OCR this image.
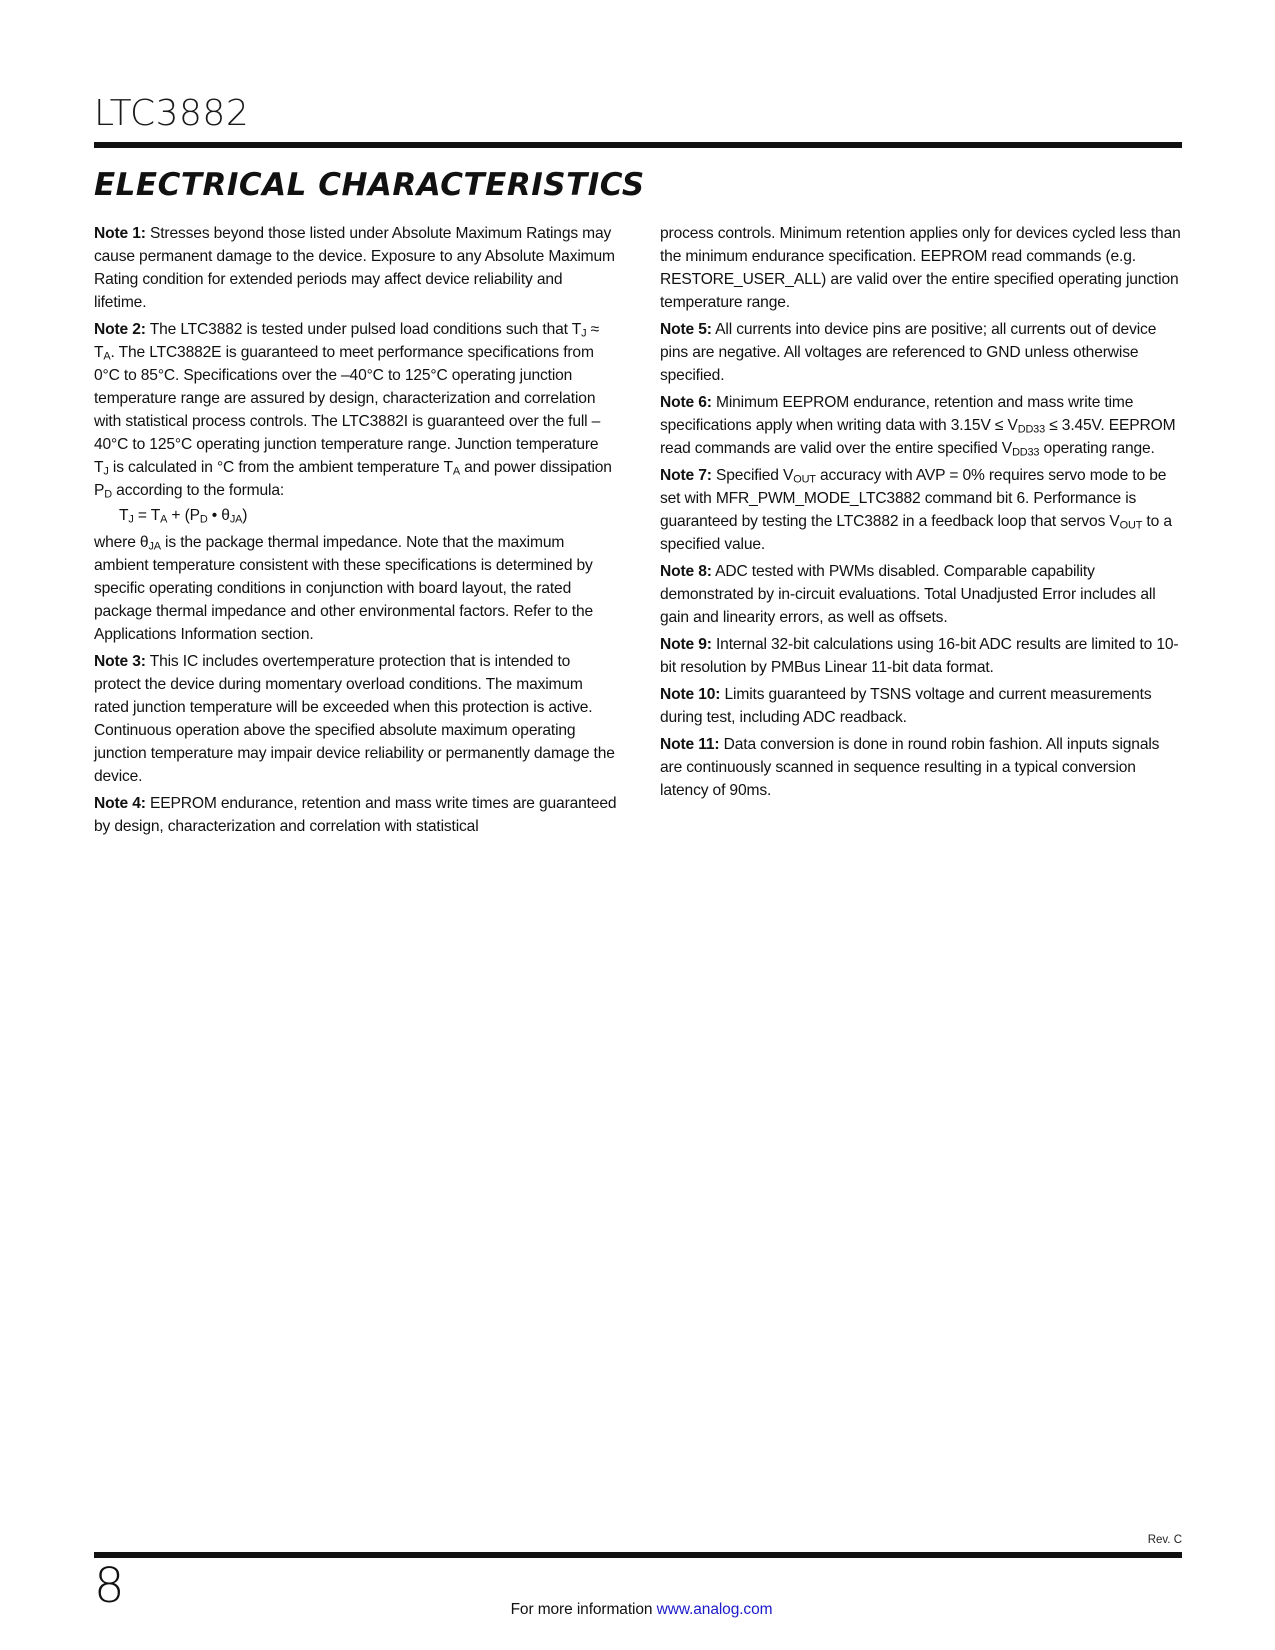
LTC3882
ELECTRICAL CHARACTERISTICS

Note 1: Stresses beyond those listed under Absolute Maximum Ratings may cause permanent damage to the device. Exposure to any Absolute Maximum Rating condition for extended periods may affect device reliability and lifetime.

Note 2: The LTC3882 is tested under pulsed load conditions such that $T_J \approx T_A$. The LTC3882E is guaranteed to meet performance specifications from 0°C to 85°C. Specifications over the –40°C to 125°C operating junction temperature range are assured by design, characterization and correlation with statistical process controls. The LTC3882I is guaranteed over the full –40°C to 125°C operating junction temperature range. Junction temperature $T_J$ is calculated in °C from the ambient temperature $T_A$ and power dissipation $P_D$ according to the formula:

$T_J = T_A + (P_D$ • $\theta_{JA}$)

where $\theta_{JA}$ is the package thermal impedance. Note that the maximum ambient temperature consistent with these specifications is determined by specific operating conditions in conjunction with board layout, the rated package thermal impedance and other environmental factors. Refer to the Applications Information section.

Note 3: This IC includes overtemperature protection that is intended to protect the device during momentary overload conditions. The maximum rated junction temperature will be exceeded when this protection is active. Continuous operation above the specified absolute maximum operating junction temperature may impair device reliability or permanently damage the device.

Note 4: EEPROM endurance, retention and mass write times are guaranteed by design, characterization and correlation with statistical

process controls. Minimum retention applies only for devices cycled less than the minimum endurance specification. EEPROM read commands (e.g. RESTORE_USER_ALL) are valid over the entire specified operating junction temperature range.

Note 5: All currents into device pins are positive; all currents out of device pins are negative. All voltages are referenced to GND unless otherwise specified.

Note 6: Minimum EEPROM endurance, retention and mass write time specifications apply when writing data with $3.15V \le V_{DD33} \le 3.45V$. EEPROM read commands are valid over the entire specified $V_{DD33}$ operating range.

Note 7: Specified $V_{OUT}$ accuracy with AVP = 0% requires servo mode to be set with MFR_PWM_MODE_LTC3882 command bit 6. Performance is guaranteed by testing the LTC3882 in a feedback loop that servos $V_{OUT}$ to a specified value.

Note 8: ADC tested with PWMs disabled. Comparable capability demonstrated by in-circuit evaluations. Total Unadjusted Error includes all gain and linearity errors, as well as offsets.

Note 9: Internal 32-bit calculations using 16-bit ADC results are limited to 10-bit resolution by PMBus Linear 11-bit data format.

Note 10: Limits guaranteed by TSNS voltage and current measurements during test, including ADC readback.

Note 11: Data conversion is done in round robin fashion. All inputs signals are continuously scanned in sequence resulting in a typical conversion latency of 90ms.

Rev. C
8	For more information www.analog.com
